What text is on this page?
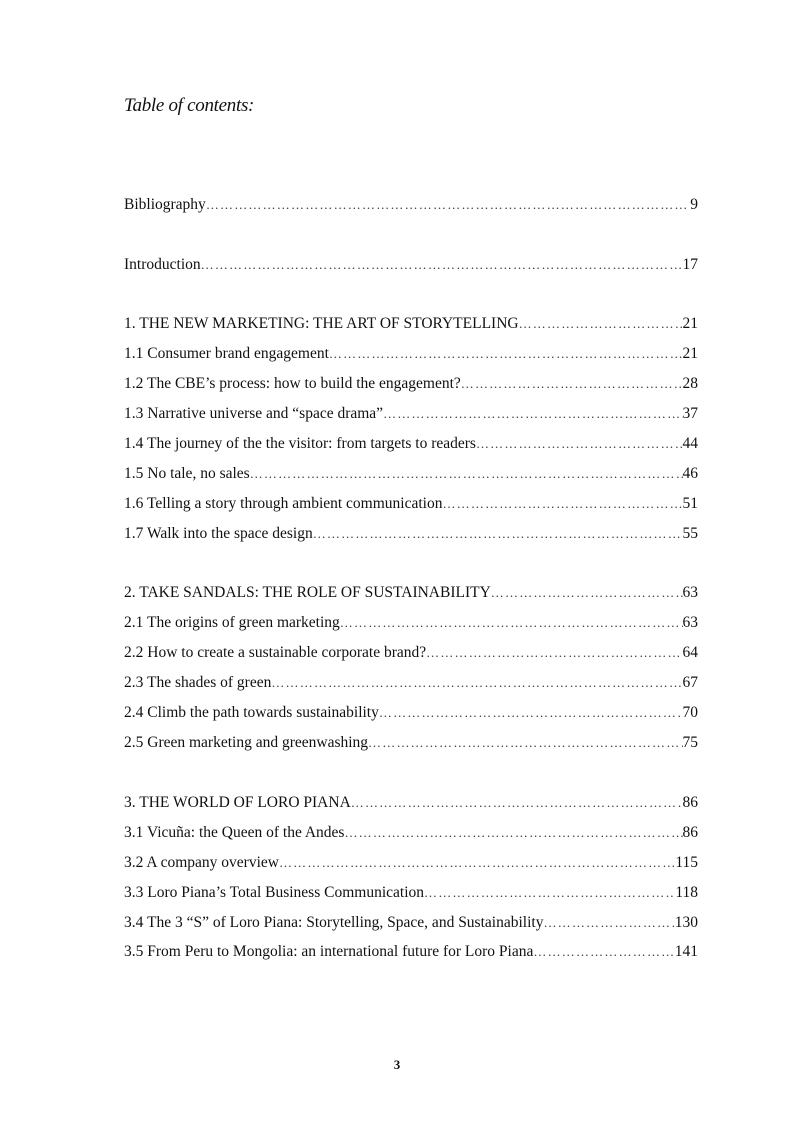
Table of contents:
Bibliography ……………………………………………………………………………………………………………………………………………………………………	9
Introduction ……………………………………………………………………………………………………………………………………………………………………	17
1. THE NEW MARKETING: THE ART OF STORYTELLING ……………………………………………………………………………………………………………………………………………………………………	21
1.1 Consumer brand engagement ……………………………………………………………………………………………………………………………………………………………………	21
1.2 The CBE’s process: how to build the engagement? ……………………………………………………………………………………………………………………………………………………………………	28
1.3 Narrative universe and “space drama” ……………………………………………………………………………………………………………………………………………………………………	37
1.4 The journey of the the visitor: from targets to readers ……………………………………………………………………………………………………………………………………………………………………	44
1.5 No tale, no sales ……………………………………………………………………………………………………………………………………………………………………	46
1.6 Telling a story through ambient communication ……………………………………………………………………………………………………………………………………………………………………	51
1.7 Walk into the space design ……………………………………………………………………………………………………………………………………………………………………	55
2. TAKE SANDALS: THE ROLE OF SUSTAINABILITY ……………………………………………………………………………………………………………………………………………………………………	63
2.1 The origins of green marketing ……………………………………………………………………………………………………………………………………………………………………	63
2.2 How to create a sustainable corporate brand? ……………………………………………………………………………………………………………………………………………………………………	64
2.3 The shades of green ……………………………………………………………………………………………………………………………………………………………………	67
2.4 Climb the path towards sustainability ……………………………………………………………………………………………………………………………………………………………………	70
2.5 Green marketing and greenwashing ……………………………………………………………………………………………………………………………………………………………………	75
3. THE WORLD OF LORO PIANA ……………………………………………………………………………………………………………………………………………………………………	86
3.1 Vicuña: the Queen of the Andes ……………………………………………………………………………………………………………………………………………………………………	86
3.2 A company overview ……………………………………………………………………………………………………………………………………………………………………	115
3.3 Loro Piana’s Total Business Communication ……………………………………………………………………………………………………………………………………………………………………	118
3.4 The 3 “S” of Loro Piana: Storytelling, Space, and Sustainability ……………………………………………………………………………………………………………………………………………………………………	130
3.5 From Peru to Mongolia: an international future for Loro Piana ……………………………………………………………………………………………………………………………………………………………………	141
3
